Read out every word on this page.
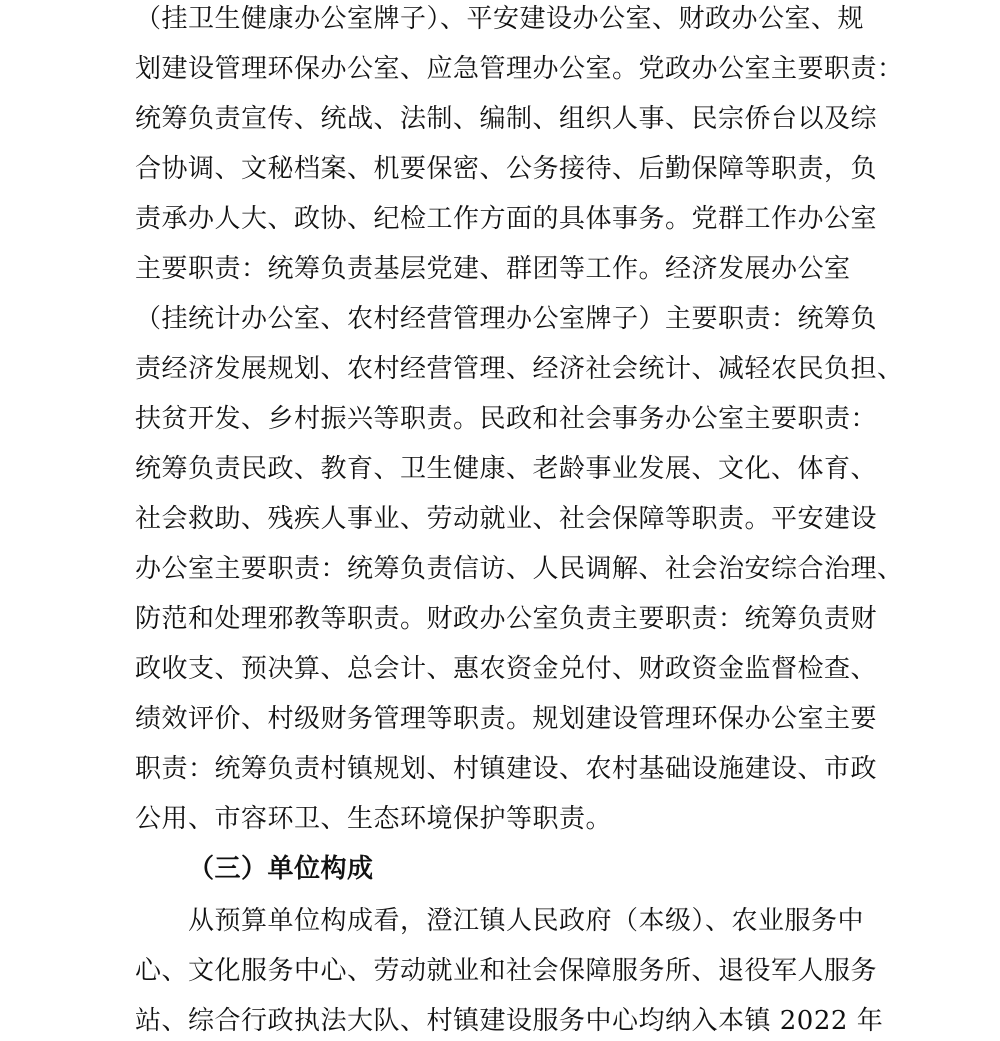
（挂卫生健康办公室牌子）、平安建设办公室、财政办公室、规
划建设管理环保办公室、应急管理办公室。党政办公室主要职责：
统筹负责宣传、统战、法制、编制、组织人事、民宗侨台以及综
合协调、文秘档案、机要保密、公务接待、后勤保障等职责，负
责承办人大、政协、纪检工作方面的具体事务。党群工作办公室
主要职责：统筹负责基层党建、群团等工作。经济发展办公室
（挂统计办公室、农村经营管理办公室牌子）主要职责：统筹负
责经济发展规划、农村经营管理、经济社会统计、减轻农民负担、
扶贫开发、乡村振兴等职责。民政和社会事务办公室主要职责：
统筹负责民政、教育、卫生健康、老龄事业发展、文化、体育、
社会救助、残疾人事业、劳动就业、社会保障等职责。平安建设
办公室主要职责：统筹负责信访、人民调解、社会治安综合治理、
防范和处理邪教等职责。财政办公室负责主要职责：统筹负责财
政收支、预决算、总会计、惠农资金兑付、财政资金监督检查、
绩效评价、村级财务管理等职责。规划建设管理环保办公室主要
职责：统筹负责村镇规划、村镇建设、农村基础设施建设、市政
公用、市容环卫、生态环境保护等职责。
（三）单位构成
从预算单位构成看，澄江镇人民政府（本级）、农业服务中
心、文化服务中心、劳动就业和社会保障服务所、退役军人服务
站、综合行政执法大队、村镇建设服务中心均纳入本镇 2022 年
